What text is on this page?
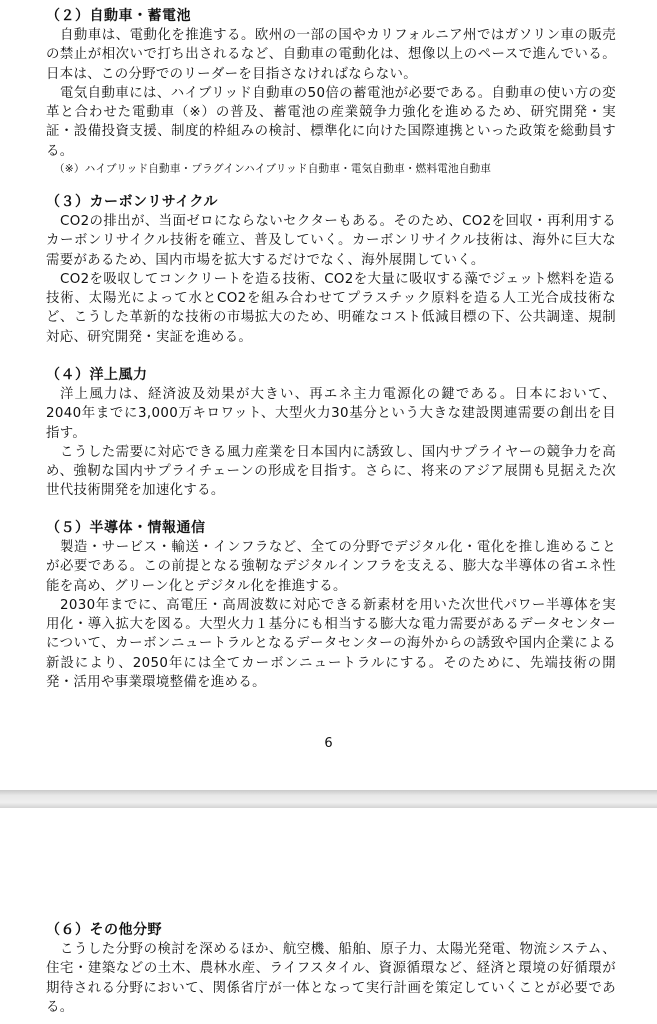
（２）自動車・蓄電池

自動車は、電動化を推進する。欧州の一部の国やカリフォルニア州ではガソリン車の販売の禁止が相次いで打ち出されるなど、自動車の電動化は、想像以上のペースで進んでいる。日本は、この分野でのリーダーを目指さなければならない。

電気自動車には、ハイブリッド自動車の50倍の蓄電池が必要である。自動車の使い方の変革と合わせた電動車（※）の普及、蓄電池の産業競争力強化を進めるため、研究開発・実証・設備投資支援、制度的枠組みの検討、標準化に向けた国際連携といった政策を総動員する。

（※）ハイブリッド自動車・プラグインハイブリッド自動車・電気自動車・燃料電池自動車

（３）カーボンリサイクル

CO2の排出が、当面ゼロにならないセクターもある。そのため、CO2を回収・再利用するカーボンリサイクル技術を確立、普及していく。カーボンリサイクル技術は、海外に巨大な需要があるため、国内市場を拡大するだけでなく、海外展開していく。

CO2を吸収してコンクリートを造る技術、CO2を大量に吸収する藻でジェット燃料を造る技術、太陽光によって水とCO2を組み合わせてプラスチック原料を造る人工光合成技術など、こうした革新的な技術の市場拡大のため、明確なコスト低減目標の下、公共調達、規制対応、研究開発・実証を進める。

（４）洋上風力

洋上風力は、経済波及効果が大きい、再エネ主力電源化の鍵である。日本において、2040年までに3,000万キロワット、大型火力30基分という大きな建設関連需要の創出を目指す。

こうした需要に対応できる風力産業を日本国内に誘致し、国内サプライヤーの競争力を高め、強靭な国内サプライチェーンの形成を目指す。さらに、将来のアジア展開も見据えた次世代技術開発を加速化する。

（５）半導体・情報通信

製造・サービス・輸送・インフラなど、全ての分野でデジタル化・電化を推し進めることが必要である。この前提となる強靭なデジタルインフラを支える、膨大な半導体の省エネ性能を高め、グリーン化とデジタル化を推進する。

2030年までに、高電圧・高周波数に対応できる新素材を用いた次世代パワー半導体を実用化・導入拡大を図る。大型火力１基分にも相当する膨大な電力需要があるデータセンターについて、カーボンニュートラルとなるデータセンターの海外からの誘致や国内企業による新設により、2050年には全てカーボンニュートラルにする。そのために、先端技術の開発・活用や事業環境整備を進める。

6
（６）その他分野

こうした分野の検討を深めるほか、航空機、船舶、原子力、太陽光発電、物流システム、住宅・建築などの土木、農林水産、ライフスタイル、資源循環など、経済と環境の好循環が期待される分野において、関係省庁が一体となって実行計画を策定していくことが必要である。
